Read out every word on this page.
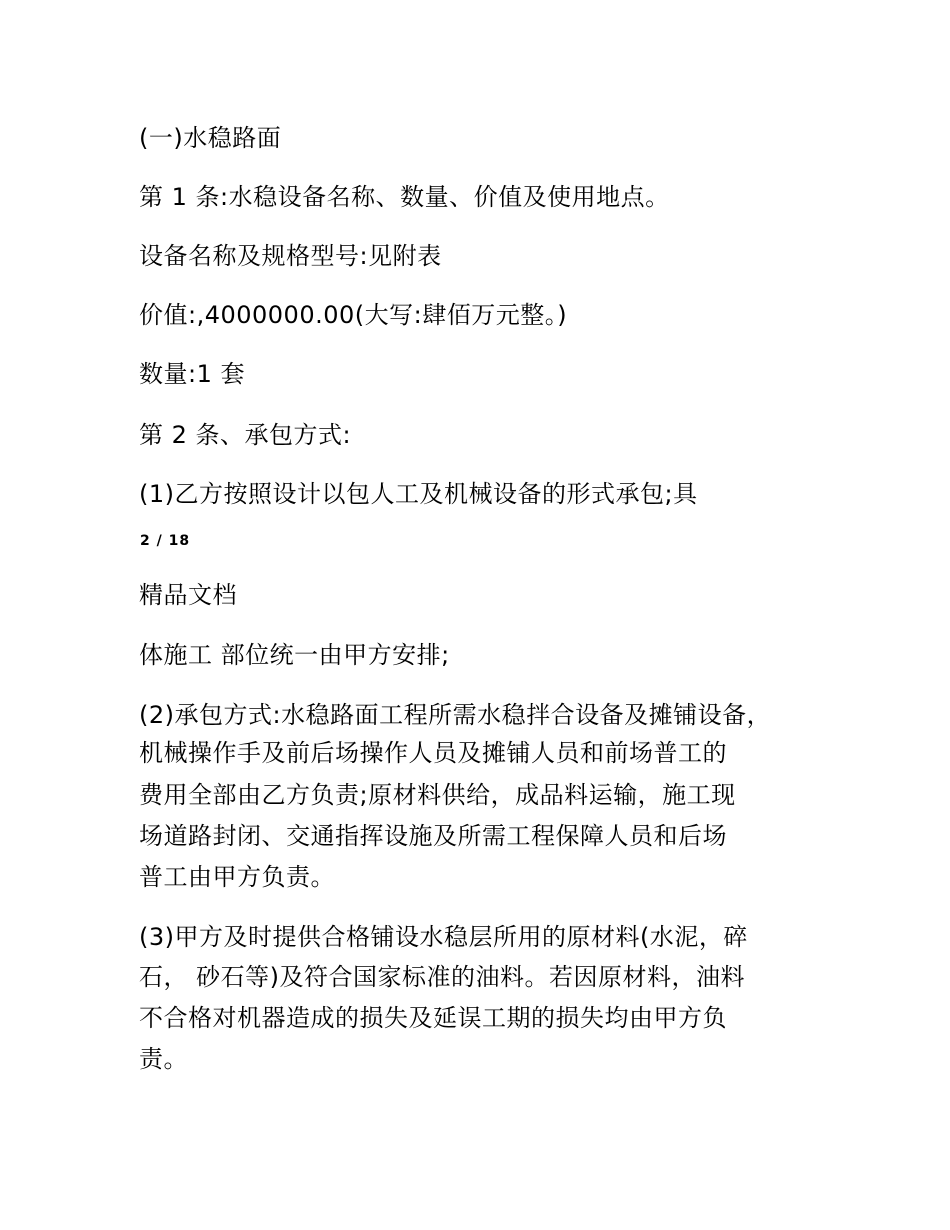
(一)水稳路面
第 1 条:水稳设备名称、数量、价值及使用地点。
设备名称及规格型号:见附表
价值:,4000000.00(大写:肆佰万元整。)
数量:1 套
第 2 条、承包方式:
(1)乙方按照设计以包人工及机械设备的形式承包;具
2 / 18
精品文档
体施工 部位统一由甲方安排;
(2)承包方式:水稳路面工程所需水稳拌合设备及摊铺设备，
机械操作手及前后场操作人员及摊铺人员和前场普工的
费用全部由乙方负责;原材料供给，成品料运输，施工现
场道路封闭、交通指挥设施及所需工程保障人员和后场
普工由甲方负责。
(3)甲方及时提供合格铺设水稳层所用的原材料(水泥，碎
石， 砂石等)及符合国家标准的油料。若因原材料，油料
不合格对机器造成的损失及延误工期的损失均由甲方负
责。
